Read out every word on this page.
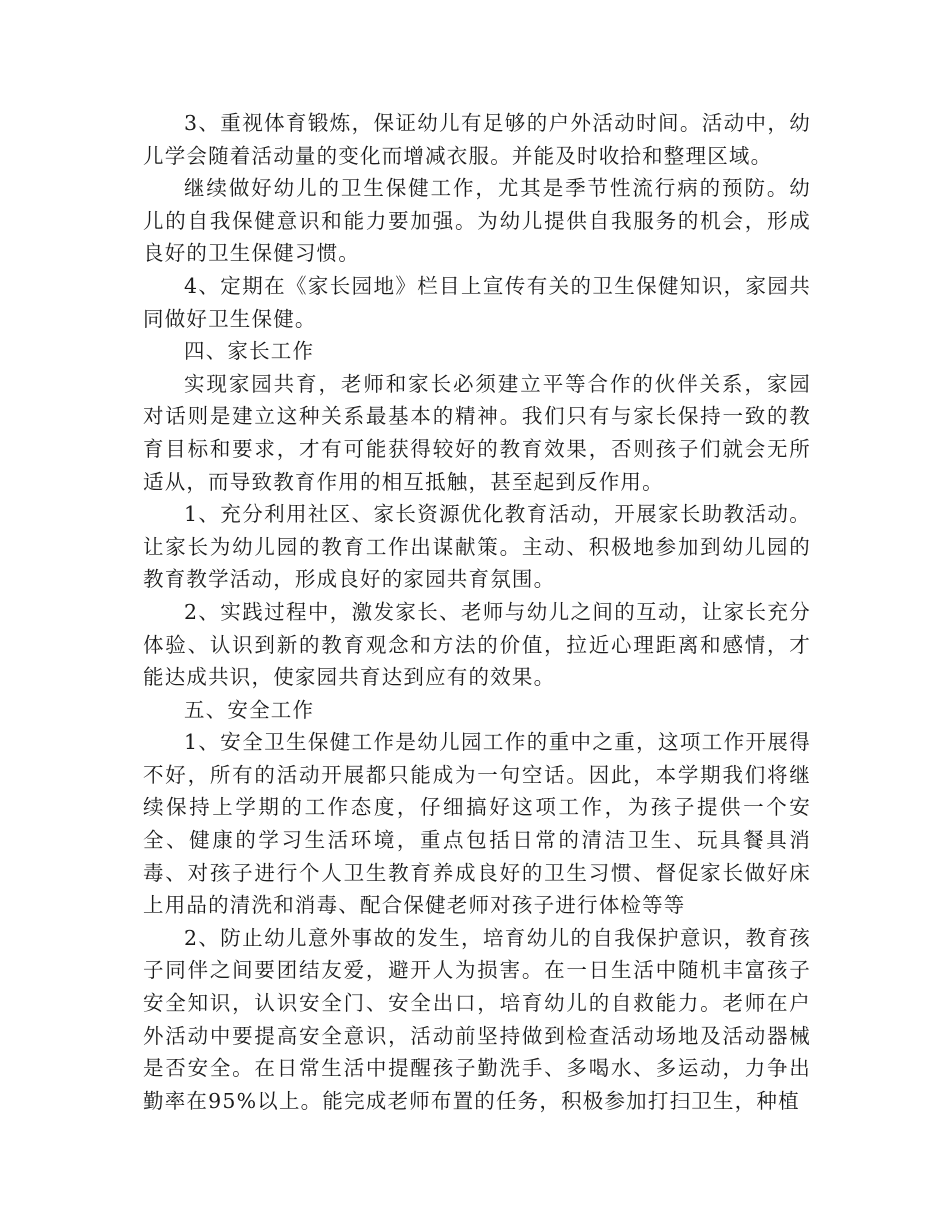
3、重视体育锻炼，保证幼儿有足够的户外活动时间。活动中，幼儿学会随着活动量的变化而增减衣服。并能及时收拾和整理区域。

继续做好幼儿的卫生保健工作，尤其是季节性流行病的预防。幼儿的自我保健意识和能力要加强。为幼儿提供自我服务的机会，形成良好的卫生保健习惯。

4、定期在《家长园地》栏目上宣传有关的卫生保健知识，家园共同做好卫生保健。

四、家长工作

实现家园共育，老师和家长必须建立平等合作的伙伴关系，家园对话则是建立这种关系最基本的精神。我们只有与家长保持一致的教育目标和要求，才有可能获得较好的教育效果，否则孩子们就会无所适从，而导致教育作用的相互抵触，甚至起到反作用。

1、充分利用社区、家长资源优化教育活动，开展家长助教活动。让家长为幼儿园的教育工作出谋献策。主动、积极地参加到幼儿园的教育教学活动，形成良好的家园共育氛围。

2、实践过程中，激发家长、老师与幼儿之间的互动，让家长充分体验、认识到新的教育观念和方法的价值，拉近心理距离和感情，才能达成共识，使家园共育达到应有的效果。

五、安全工作

1、安全卫生保健工作是幼儿园工作的重中之重，这项工作开展得不好，所有的活动开展都只能成为一句空话。因此，本学期我们将继续保持上学期的工作态度，仔细搞好这项工作，为孩子提供一个安全、健康的学习生活环境，重点包括日常的清洁卫生、玩具餐具消毒、对孩子进行个人卫生教育养成良好的卫生习惯、督促家长做好床上用品的清洗和消毒、配合保健老师对孩子进行体检等等

2、防止幼儿意外事故的发生，培育幼儿的自我保护意识，教育孩子同伴之间要团结友爱，避开人为损害。在一日生活中随机丰富孩子安全知识，认识安全门、安全出口，培育幼儿的自救能力。老师在户外活动中要提高安全意识，活动前坚持做到检查活动场地及活动器械是否安全。在日常生活中提醒孩子勤洗手、多喝水、多运动，力争出勤率在95%以上。能完成老师布置的任务，积极参加打扫卫生，种植
